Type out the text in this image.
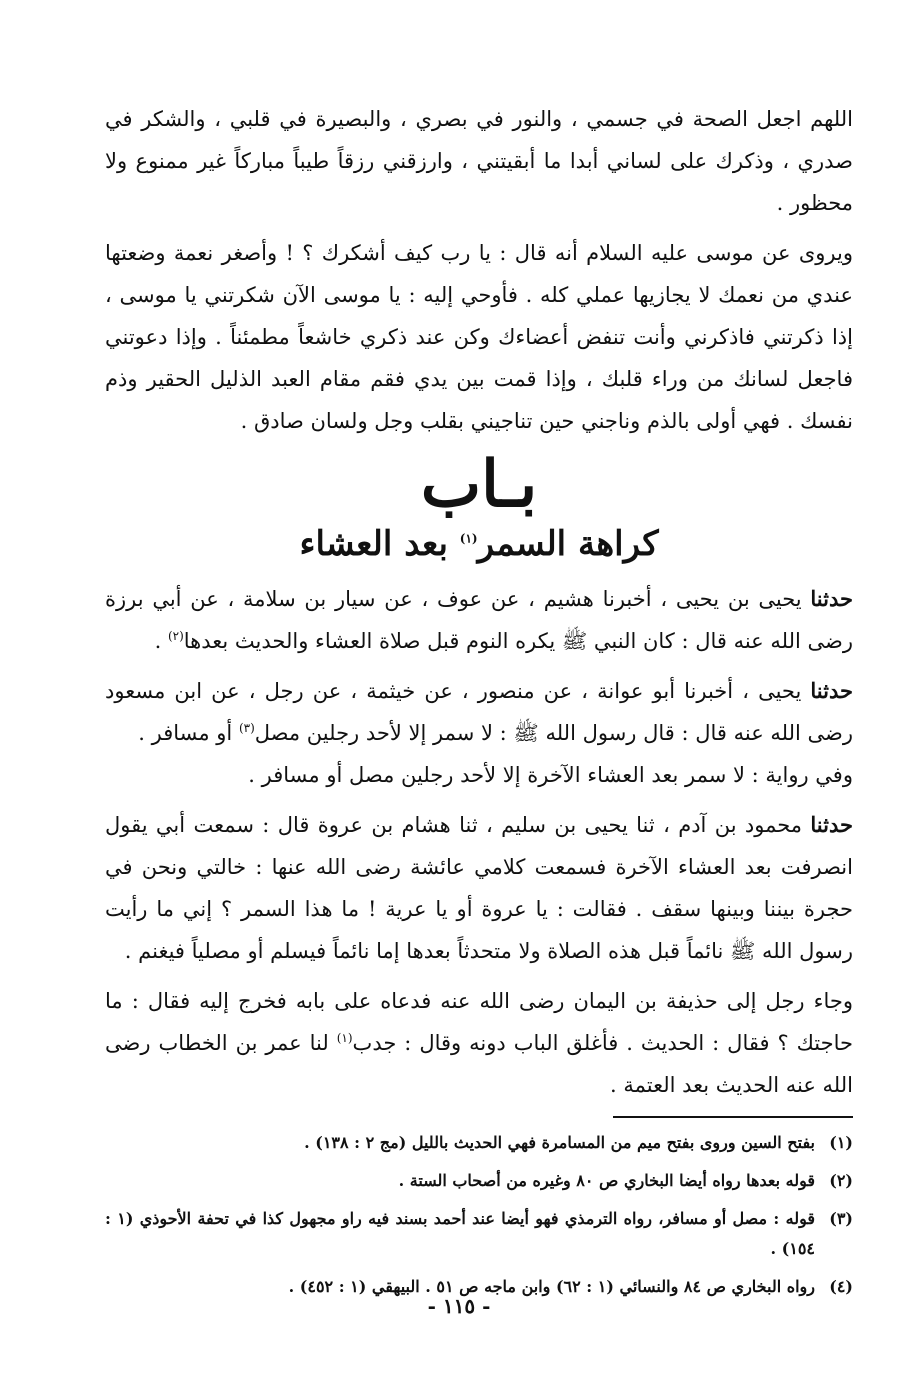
اللهم اجعل الصحة في جسمي ، والنور في بصري ، والبصيرة في قلبي ، والشكر في صدري ، وذكرك على لساني أبدا ما أبقيتني ، وارزقني رزقاً طيباً مباركاً غير ممنوع ولا محظور .

ويروى عن موسى عليه السلام أنه قال : يا رب كيف أشكرك ؟ ! وأصغر نعمة وضعتها عندي من نعمك لا يجازيها عملي كله . فأوحي إليه : يا موسى الآن شكرتني يا موسى ، إذا ذكرتني فاذكرني وأنت تنفض أعضاءك وكن عند ذكري خاشعاً مطمئناً . وإذا دعوتني فاجعل لسانك من وراء قلبك ، وإذا قمت بين يدي فقم مقام العبد الذليل الحقير وذم نفسك . فهي أولى بالذم وناجني حين تناجيني بقلب وجل ولسان صادق .

بـاب
كراهة السمر$^{(١)}$ بعد العشاء

حدثنا يحيى بن يحيى ، أخبرنا هشيم ، عن عوف ، عن سيار بن سلامة ، عن أبي برزة رضى الله عنه قال : كان النبي ﷺ يكره النوم قبل صلاة العشاء والحديث بعدها$^{(٢)}$ .

حدثنا يحيى ، أخبرنا أبو عوانة ، عن منصور ، عن خيثمة ، عن رجل ، عن ابن مسعود رضى الله عنه قال : قال رسول الله ﷺ : لا سمر إلا لأحد رجلين مصل$^{(٣)}$ أو مسافر .

وفي رواية : لا سمر بعد العشاء الآخرة إلا لأحد رجلين مصل أو مسافر .

حدثنا محمود بن آدم ، ثنا يحيى بن سليم ، ثنا هشام بن عروة قال : سمعت أبي يقول انصرفت بعد العشاء الآخرة فسمعت كلامي عائشة رضى الله عنها : خالتي ونحن في حجرة بيننا وبينها سقف . فقالت : يا عروة أو يا عرية ! ما هذا السمر ؟ إني ما رأيت رسول الله ﷺ نائماً قبل هذه الصلاة ولا متحدثاً بعدها إما نائماً فيسلم أو مصلياً فيغنم .

وجاء رجل إلى حذيفة بن اليمان رضى الله عنه فدعاه على بابه فخرج إليه فقال : ما حاجتك ؟ فقال : الحديث . فأغلق الباب دونه وقال : جدب$^{(١)}$ لنا عمر بن الخطاب رضى الله عنه الحديث بعد العتمة .

(١)
بفتح السين وروى بفتح ميم من المسامرة فهي الحديث بالليل (مج ٢ : ١٣٨) .
(٢)
قوله بعدها رواه أيضا البخاري ص ٨٠ وغيره من أصحاب الستة .
(٣)
قوله : مصل أو مسافر، رواه الترمذي فهو أيضا عند أحمد بسند فيه راو مجهول كذا في تحفة الأحوذي (١ : ١٥٤) .
(٤)
رواه البخاري ص ٨٤ والنسائي (١ : ٦٢) وابن ماجه ص ٥١ . البيهقي (١ : ٤٥٢) .
- ١١٥ -
